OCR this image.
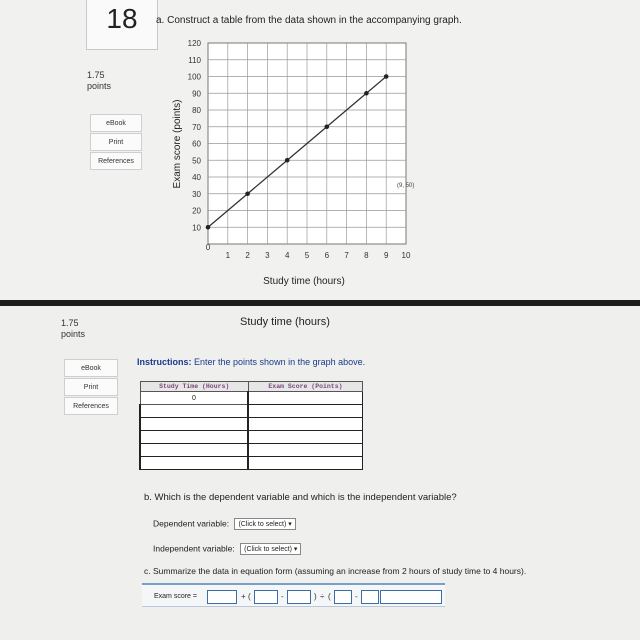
18
1.75
points
eBook
Print
References
a. Construct a table from the data shown in the accompanying graph.
10
20
30
40
50
60
70
80
90
100
110
120
0
1 2 3 4 5 6 7 8 9 10
(9, 50)
Study time (hours)
Exam score (points)
1.75
points
eBook
Print
References
Study time (hours)
Instructions: Enter the points shown in the graph above.
Study Time (Hours)	Exam Score (Points)
0	

b. Which is the dependent variable and which is the independent variable?
Dependent variable: (Click to select) ▾
Independent variable: (Click to select) ▾
c. Summarize the data in equation form (assuming an increase from 2 hours of study time to 4 hours).
Exam score =	+ (	-	) ÷ (	-
